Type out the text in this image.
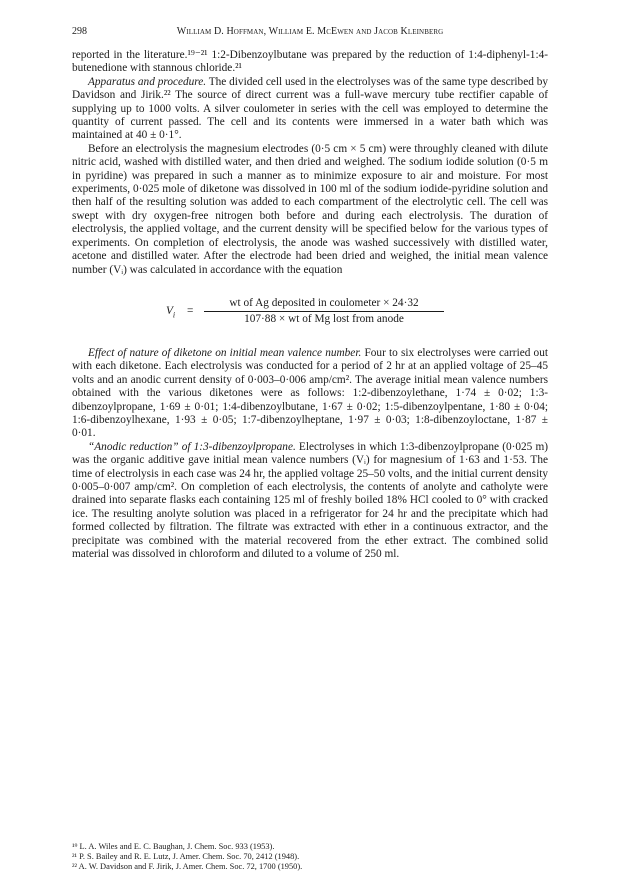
298	William D. Hoffman, William E. McEwen and Jacob Kleinberg

reported in the literature.¹⁹⁻²¹ 1:2-Dibenzoylbutane was prepared by the reduction of 1:4-diphenyl-1:4-butenedione with stannous chloride.²¹

Apparatus and procedure. The divided cell used in the electrolyses was of the same type described by Davidson and Jirik.²² The source of direct current was a full-wave mercury tube rectifier capable of supplying up to 1000 volts. A silver coulometer in series with the cell was employed to determine the quantity of current passed. The cell and its contents were immersed in a water bath which was maintained at 40 ± 0·1°.

Before an electrolysis the magnesium electrodes (0·5 cm × 5 cm) were throughly cleaned with dilute nitric acid, washed with distilled water, and then dried and weighed. The sodium iodide solution (0·5 m in pyridine) was prepared in such a manner as to minimize exposure to air and moisture. For most experiments, 0·025 mole of diketone was dissolved in 100 ml of the sodium iodide-pyridine solution and then half of the resulting solution was added to each compartment of the electrolytic cell. The cell was swept with dry oxygen-free nitrogen both before and during each electrolysis. The duration of electrolysis, the applied voltage, and the current density will be specified below for the various types of experiments. On completion of electrolysis, the anode was washed successively with distilled water, acetone and distilled water. After the electrode had been dried and weighed, the initial mean valence number (Vᵢ) was calculated in accordance with the equation

$V_i$ =
wt of Ag deposited in coulometer × 24·32
107·88 × wt of Mg lost from anode

Effect of nature of diketone on initial mean valence number. Four to six electrolyses were carried out with each diketone. Each electrolysis was conducted for a period of 2 hr at an applied voltage of 25–45 volts and an anodic current density of 0·003–0·006 amp/cm². The average initial mean valence numbers obtained with the various diketones were as follows: 1:2-dibenzoylethane, 1·74 ± 0·02; 1:3-dibenzoylpropane, 1·69 ± 0·01; 1:4-dibenzoylbutane, 1·67 ± 0·02; 1:5-dibenzoylpentane, 1·80 ± 0·04; 1:6-dibenzoylhexane, 1·93 ± 0·05; 1:7-dibenzoylheptane, 1·97 ± 0·03; 1:8-dibenzoyloctane, 1·87 ± 0·01.

“Anodic reduction” of 1:3-dibenzoylpropane. Electrolyses in which 1:3-dibenzoylpropane (0·025 m) was the organic additive gave initial mean valence numbers (Vᵢ) for magnesium of 1·63 and 1·53. The time of electrolysis in each case was 24 hr, the applied voltage 25–50 volts, and the initial current density 0·005–0·007 amp/cm². On completion of each electrolysis, the contents of anolyte and catholyte were drained into separate flasks each containing 125 ml of freshly boiled 18% HCl cooled to 0° with cracked ice. The resulting anolyte solution was placed in a refrigerator for 24 hr and the precipitate which had formed collected by filtration. The filtrate was extracted with ether in a continuous extractor, and the precipitate was combined with the material recovered from the ether extract. The combined solid material was dissolved in chloroform and diluted to a volume of 250 ml.

¹⁹ L. A. Wiles and E. C. Baughan, J. Chem. Soc. 933 (1953).
²¹ P. S. Bailey and R. E. Lutz, J. Amer. Chem. Soc. 70, 2412 (1948).
²² A. W. Davidson and F. Jirik, J. Amer. Chem. Soc. 72, 1700 (1950).
